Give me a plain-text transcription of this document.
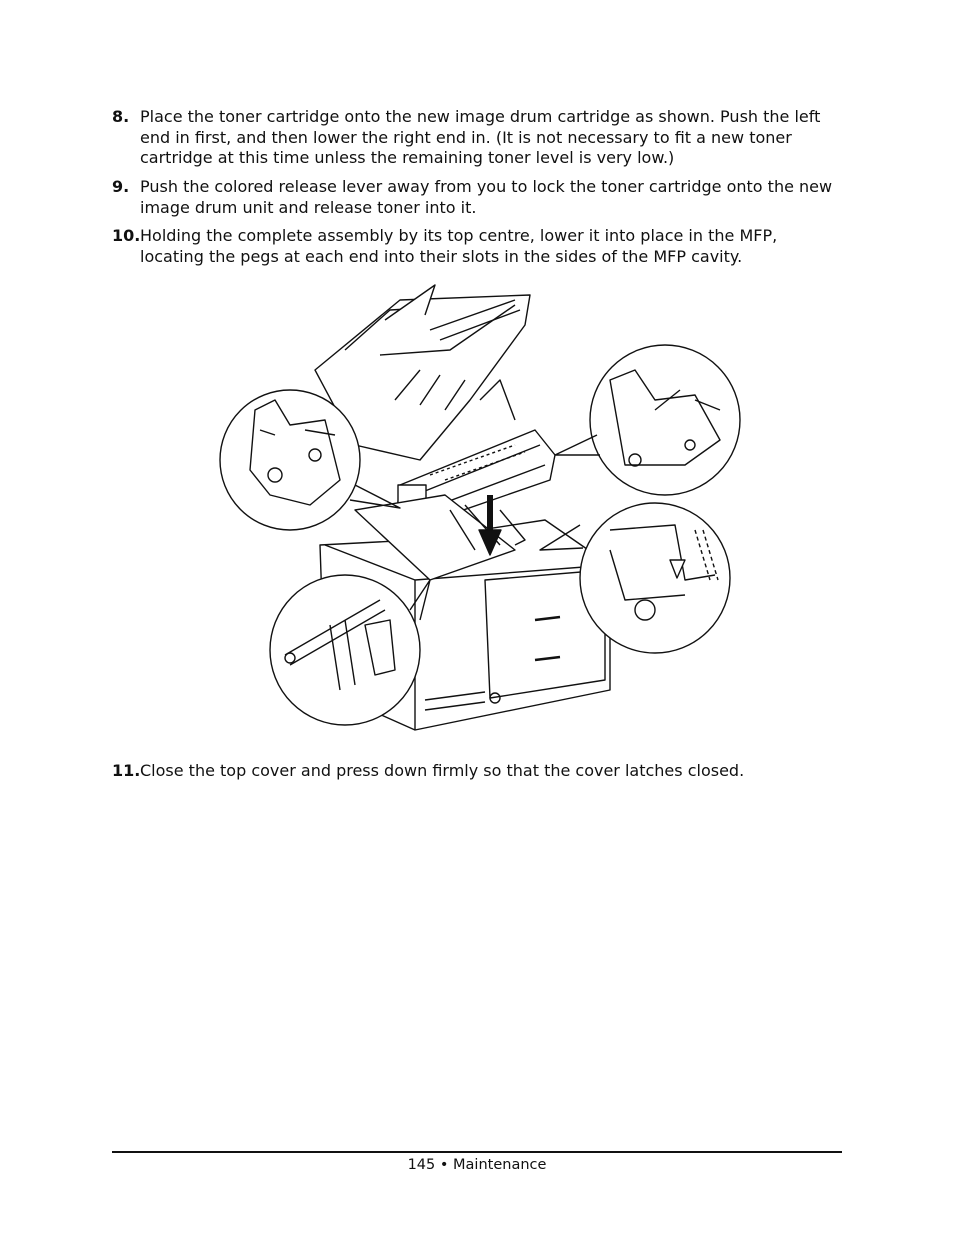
8. Place the toner cartridge onto the new image drum cartridge as shown. Push the left end in first, and then lower the right end in. (It is not necessary to fit a new toner cartridge at this time unless the remaining toner level is very low.)
9. Push the colored release lever away from you to lock the toner cartridge onto the new image drum unit and release toner into it.
10. Holding the complete assembly by its top centre, lower it into place in the MFP, locating the pegs at each end into their slots in the sides of the MFP cavity.
11. Close the top cover and press down firmly so that the cover latches closed.
145 • Maintenance
